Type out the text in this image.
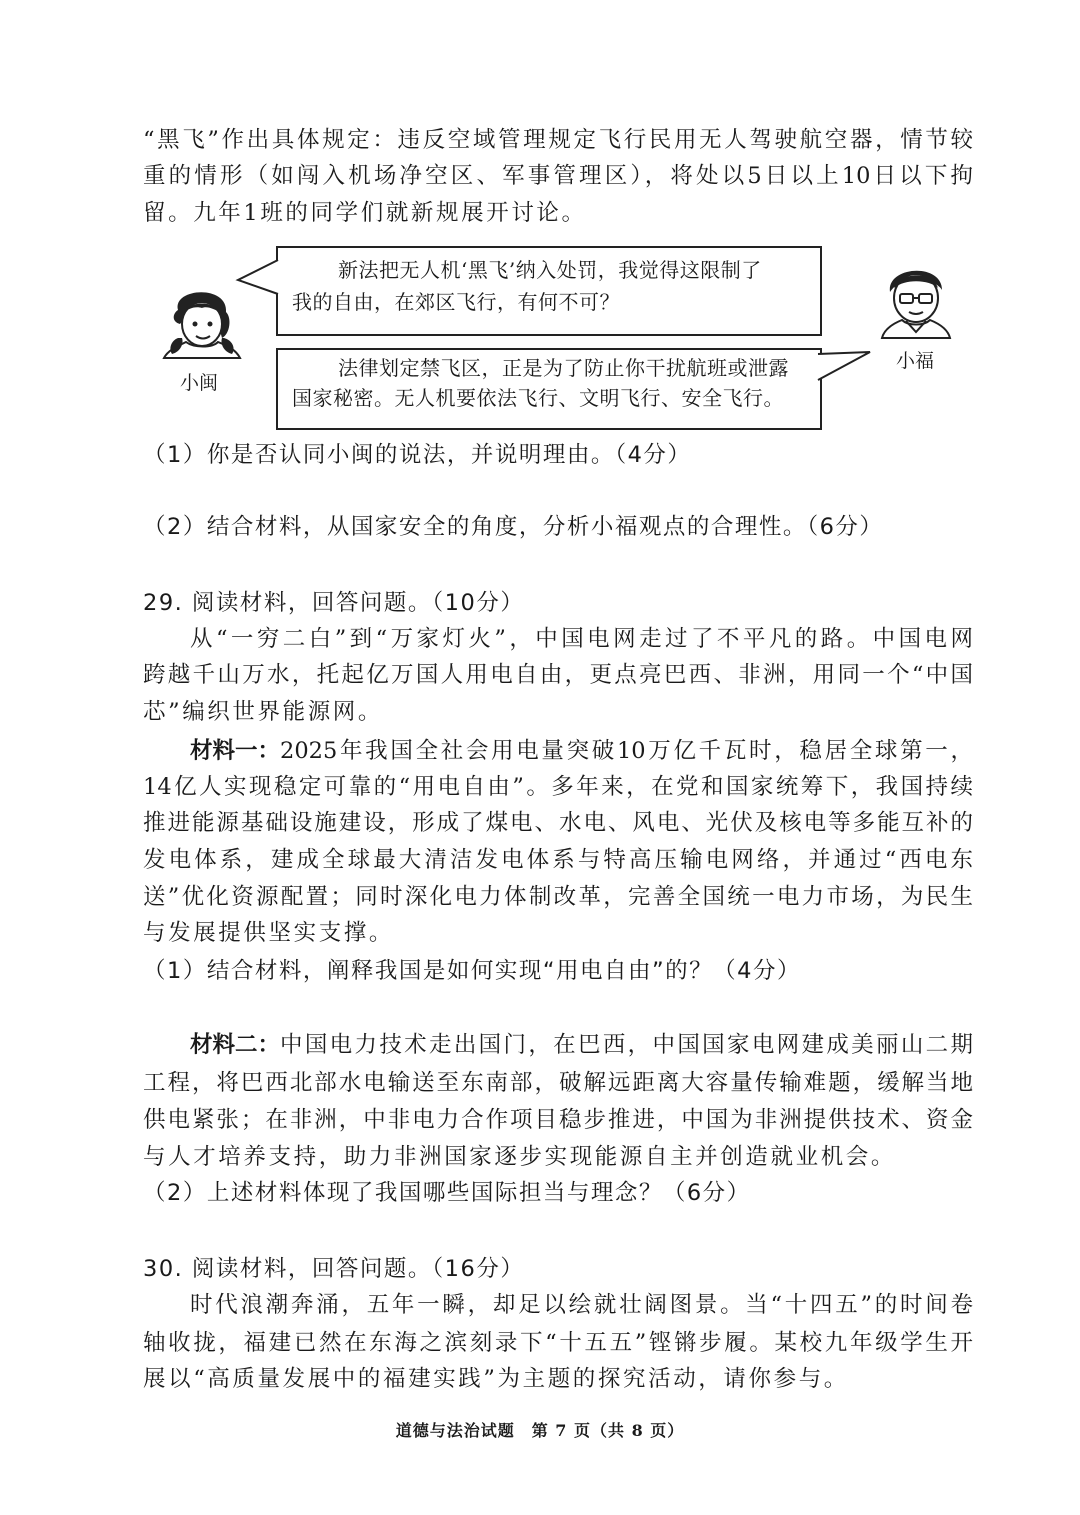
“黑飞”作出具体规定：违反空域管理规定飞行民用无人驾驶航空器，情节较
重的情形（如闯入机场净空区、军事管理区），将处以5日以上10日以下拘
留。九年1班的同学们就新规展开讨论。
小闽
小福
新法把无人机‘黑飞’纳入处罚，我觉得这限制了
我的自由，在郊区飞行，有何不可？
法律划定禁飞区，正是为了防止你干扰航班或泄露
国家秘密。无人机要依法飞行、文明飞行、安全飞行。
（1）你是否认同小闽的说法，并说明理由。（4分）
（2）结合材料，从国家安全的角度，分析小福观点的合理性。（6分）
29. 阅读材料，回答问题。（10分）
从“一穷二白”到“万家灯火”，中国电网走过了不平凡的路。中国电网
跨越千山万水，托起亿万国人用电自由，更点亮巴西、非洲，用同一个“中国
芯”编织世界能源网。
材料一： 2025年我国全社会用电量突破10万亿千瓦时，稳居全球第一，
14亿人实现稳定可靠的“用电自由”。多年来，在党和国家统筹下，我国持续
推进能源基础设施建设，形成了煤电、水电、风电、光伏及核电等多能互补的
发电体系，建成全球最大清洁发电体系与特高压输电网络，并通过“西电东
送”优化资源配置；同时深化电力体制改革，完善全国统一电力市场，为民生
与发展提供坚实支撑。
（1）结合材料，阐释我国是如何实现“用电自由”的？（4分）
材料二： 中国电力技术走出国门，在巴西，中国国家电网建成美丽山二期
工程，将巴西北部水电输送至东南部，破解远距离大容量传输难题，缓解当地
供电紧张；在非洲，中非电力合作项目稳步推进，中国为非洲提供技术、资金
与人才培养支持，助力非洲国家逐步实现能源自主并创造就业机会。
（2）上述材料体现了我国哪些国际担当与理念？（6分）
30. 阅读材料，回答问题。（16分）
时代浪潮奔涌，五年一瞬，却足以绘就壮阔图景。当“十四五”的时间卷
轴收拢，福建已然在东海之滨刻录下“十五五”铿锵步履。某校九年级学生开
展以“高质量发展中的福建实践”为主题的探究活动，请你参与。
道德与法治试题　第 7 页（共 8 页）
